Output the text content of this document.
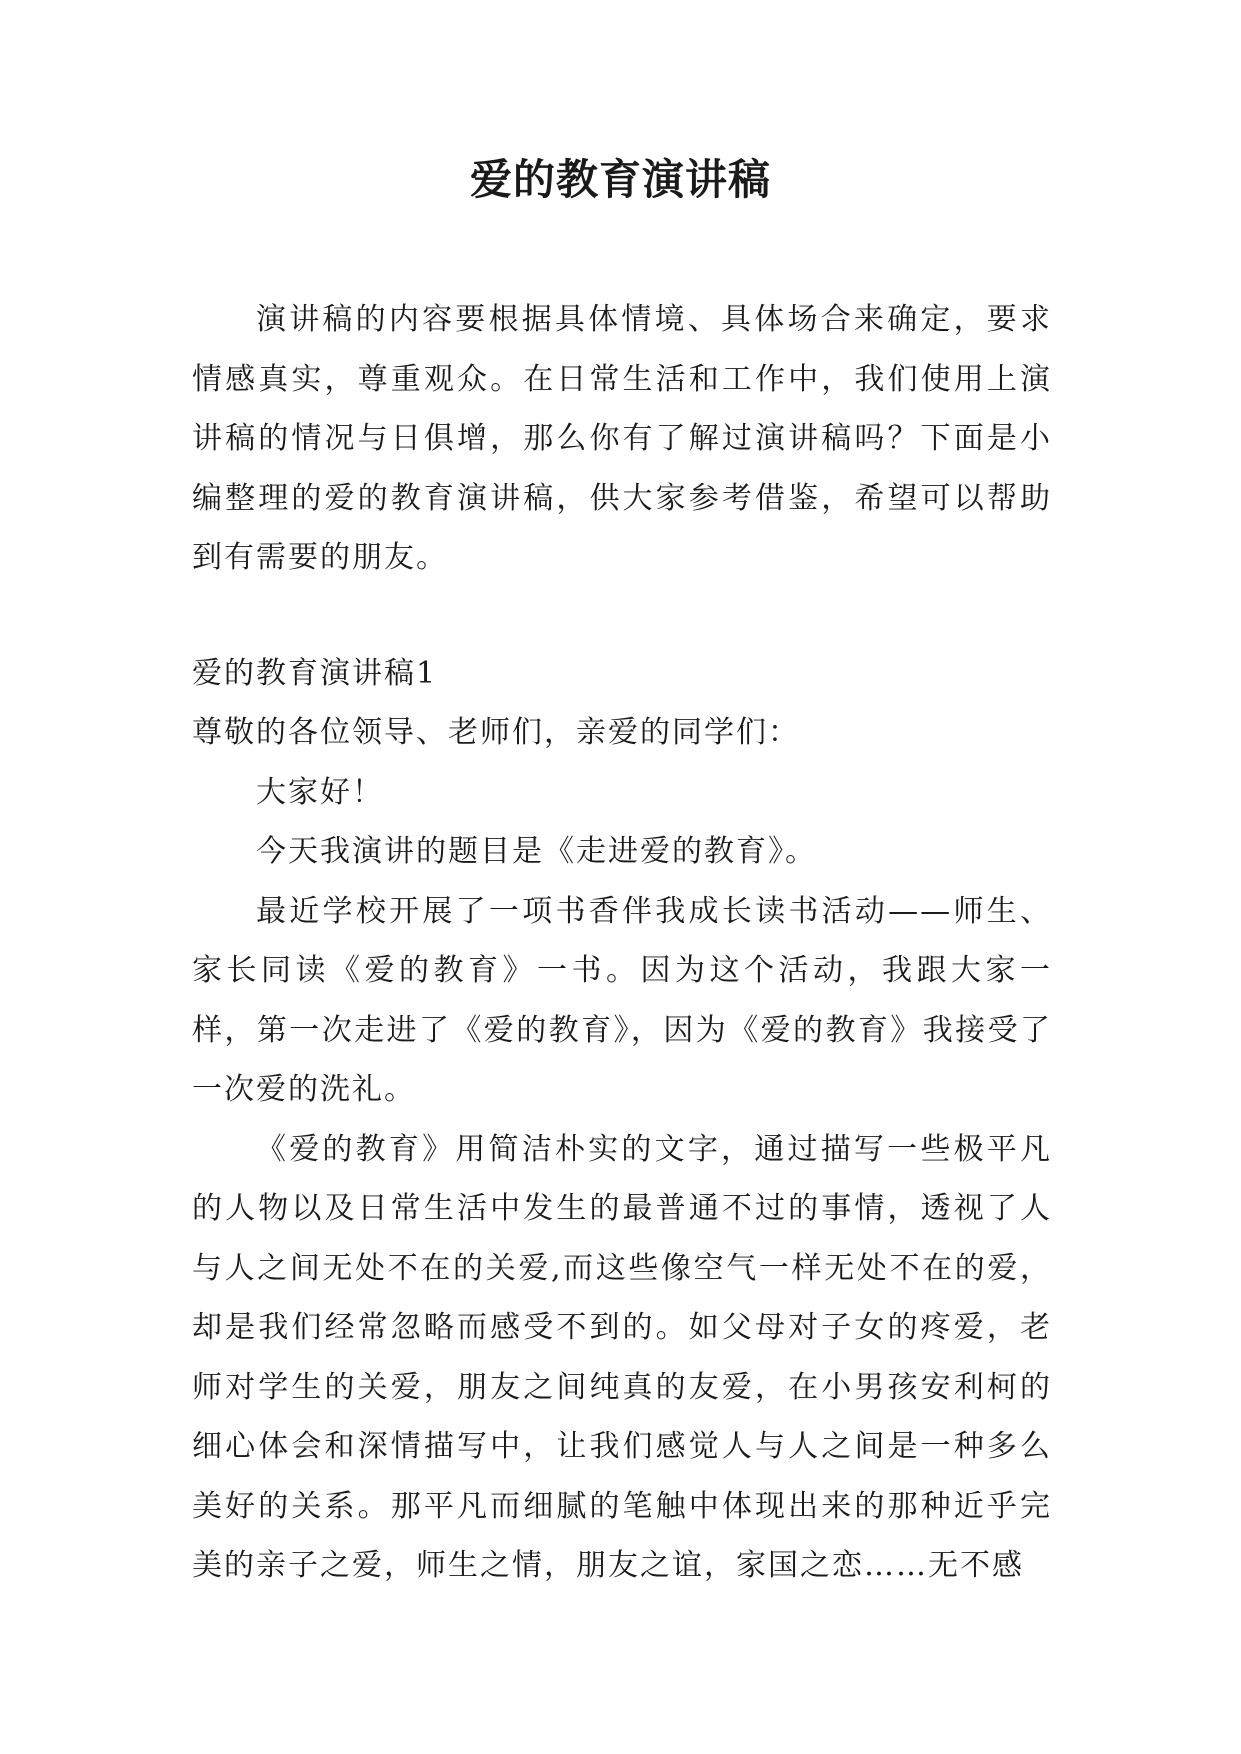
爱的教育演讲稿

演讲稿的内容要根据具体情境、具体场合来确定，要求情感真实，尊重观众。在日常生活和工作中，我们使用上演讲稿的情况与日俱增，那么你有了解过演讲稿吗？下面是小编整理的爱的教育演讲稿，供大家参考借鉴，希望可以帮助到有需要的朋友。

爱的教育演讲稿1

尊敬的各位领导、老师们，亲爱的同学们：

大家好！

今天我演讲的题目是《走进爱的教育》。

最近学校开展了一项书香伴我成长读书活动——师生、家长同读《爱的教育》一书。因为这个活动，我跟大家一样，第一次走进了《爱的教育》，因为《爱的教育》我接受了一次爱的洗礼。

《爱的教育》用简洁朴实的文字，通过描写一些极平凡的人物以及日常生活中发生的最普通不过的事情，透视了人与人之间无处不在的关爱,而这些像空气一样无处不在的爱，却是我们经常忽略而感受不到的。如父母对子女的疼爱，老师对学生的关爱，朋友之间纯真的友爱，在小男孩安利柯的细心体会和深情描写中，让我们感觉人与人之间是一种多么美好的关系。那平凡而细腻的笔触中体现出来的那种近乎完美的亲子之爱，师生之情，朋友之谊，家国之恋……无不感
